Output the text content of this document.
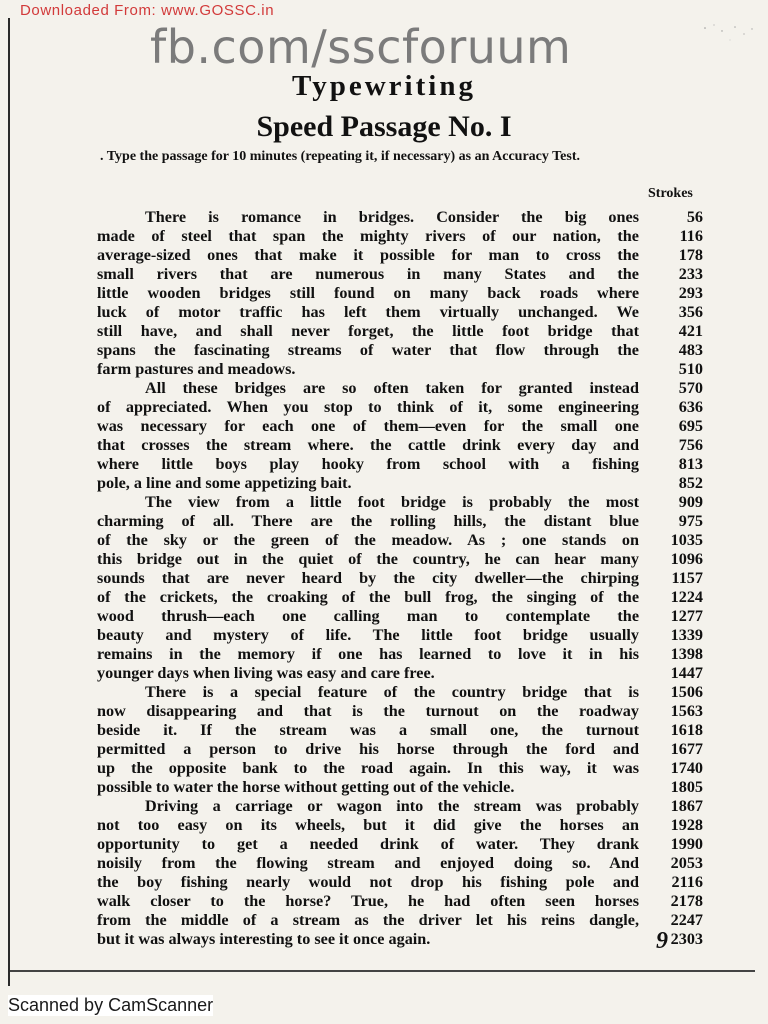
Downloaded From: www.GOSSC.in
fb.com/sscforuum
Typewriting
Speed Passage No. I
. Type the passage for 10 minutes (repeating it, if necessary) as an Accuracy Test.
Strokes
There is romance in bridges. Consider the big ones	56
made of steel that span the mighty rivers of our nation, the	116
average-sized ones that make it possible for man to cross the	178
small rivers that are numerous in many States and the	233
little wooden bridges still found on many back roads where	293
luck of motor traffic has left them virtually unchanged. We	356
still have, and shall never forget, the little foot bridge that	421
spans the fascinating streams of water that flow through the	483
farm pastures and meadows.	510
All these bridges are so often taken for granted instead	570
of appreciated. When you stop to think of it, some engineering	636
was necessary for each one of them—even for the small one	695
that crosses the stream where. the cattle drink every day and	756
where little boys play hooky from school with a fishing	813
pole, a line and some appetizing bait.	852
The view from a little foot bridge is probably the most	909
charming of all. There are the rolling hills, the distant blue	975
of the sky or the green of the meadow. As ; one stands on	1035
this bridge out in the quiet of the country, he can hear many	1096
sounds that are never heard by the city dweller—the chirping	1157
of the crickets, the croaking of the bull frog, the singing of the	1224
wood thrush—each one calling man to contemplate the	1277
beauty and mystery of life. The little foot bridge usually	1339
remains in the memory if one has learned to love it in his	1398
younger days when living was easy and care free.	1447
There is a special feature of the country bridge that is	1506
now disappearing and that is the turnout on the roadway	1563
beside it. If the stream was a small one, the turnout	1618
permitted a person to drive his horse through the ford and	1677
up the opposite bank to the road again. In this way, it was	1740
possible to water the horse without getting out of the vehicle.	1805
Driving a carriage or wagon into the stream was probably	1867
not too easy on its wheels, but it did give the horses an	1928
opportunity to get a needed drink of water. They drank	1990
noisily from the flowing stream and enjoyed doing so. And	2053
the boy fishing nearly would not drop his fishing pole and	2116
walk closer to the horse? True, he had often seen horses	2178
from the middle of a stream as the driver let his reins dangle,	2247
but it was always interesting to see it once again.	2303
9
Scanned by CamScanner
